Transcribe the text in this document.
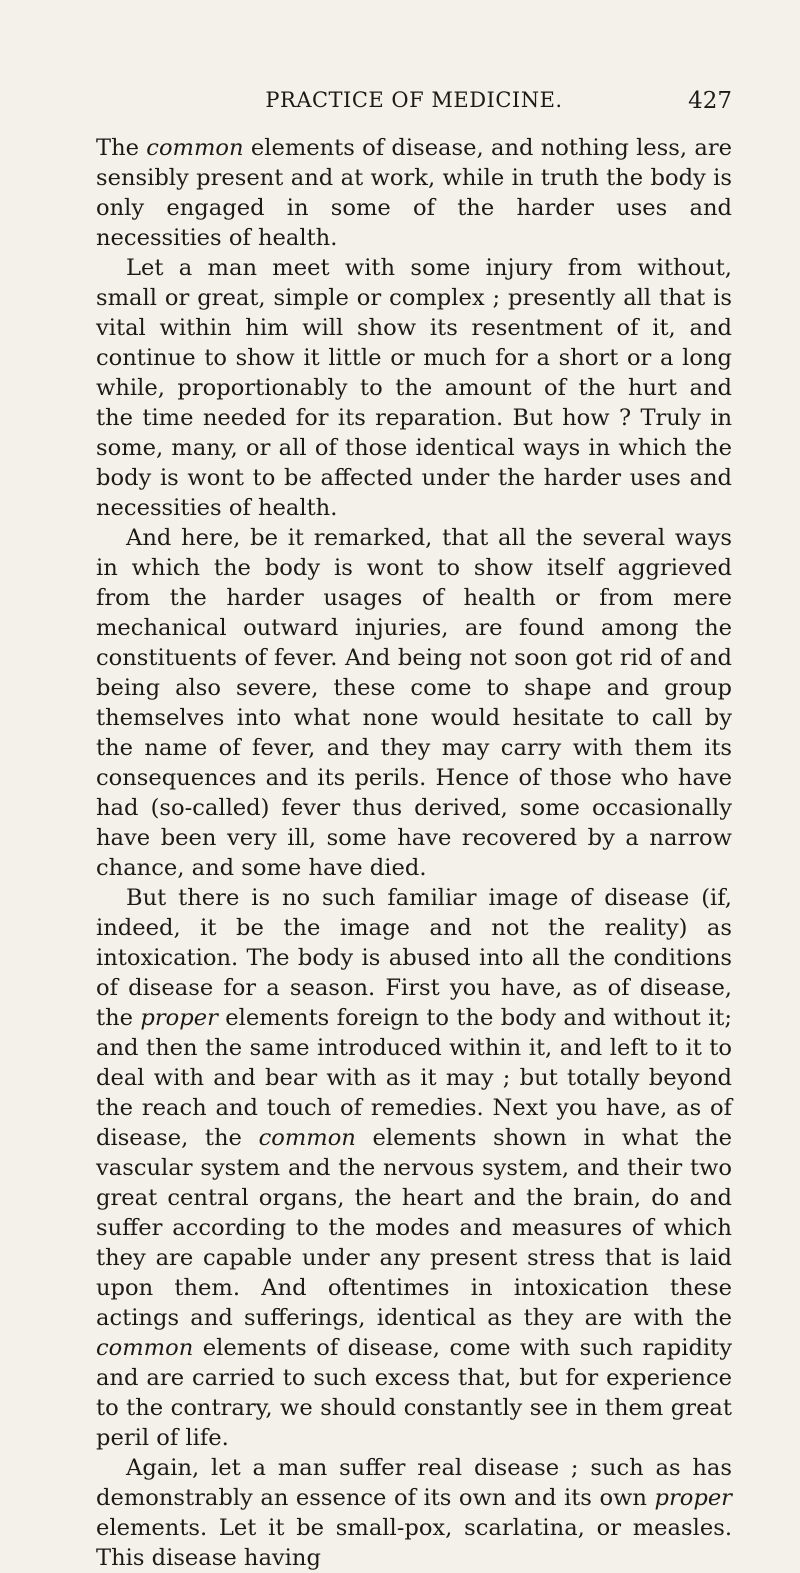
PRACTICE OF MEDICINE.	427

The common elements of disease, and nothing less, are sensibly present and at work, while in truth the body is only engaged in some of the harder uses and necessities of health.

Let a man meet with some injury from without, small or great, simple or complex ; presently all that is vital within him will show its resentment of it, and continue to show it little or much for a short or a long while, proportionably to the amount of the hurt and the time needed for its reparation. But how ? Truly in some, many, or all of those identical ways in which the body is wont to be affected under the harder uses and necessities of health.

And here, be it remarked, that all the several ways in which the body is wont to show itself aggrieved from the harder usages of health or from mere mechanical outward injuries, are found among the constituents of fever. And being not soon got rid of and being also severe, these come to shape and group themselves into what none would hesitate to call by the name of fever, and they may carry with them its consequences and its perils. Hence of those who have had (so-called) fever thus derived, some occasionally have been very ill, some have recovered by a narrow chance, and some have died.

But there is no such familiar image of disease (if, indeed, it be the image and not the reality) as intoxication. The body is abused into all the conditions of disease for a season. First you have, as of disease, the proper elements foreign to the body and without it; and then the same introduced within it, and left to it to deal with and bear with as it may ; but totally beyond the reach and touch of remedies. Next you have, as of disease, the common elements shown in what the vascular system and the nervous system, and their two great central organs, the heart and the brain, do and suffer according to the modes and measures of which they are capable under any present stress that is laid upon them. And oftentimes in intoxication these actings and sufferings, identical as they are with the common elements of disease, come with such rapidity and are carried to such excess that, but for experience to the contrary, we should constantly see in them great peril of life.

Again, let a man suffer real disease ; such as has demonstrably an essence of its own and its own proper elements. Let it be small-pox, scarlatina, or measles. This disease having
